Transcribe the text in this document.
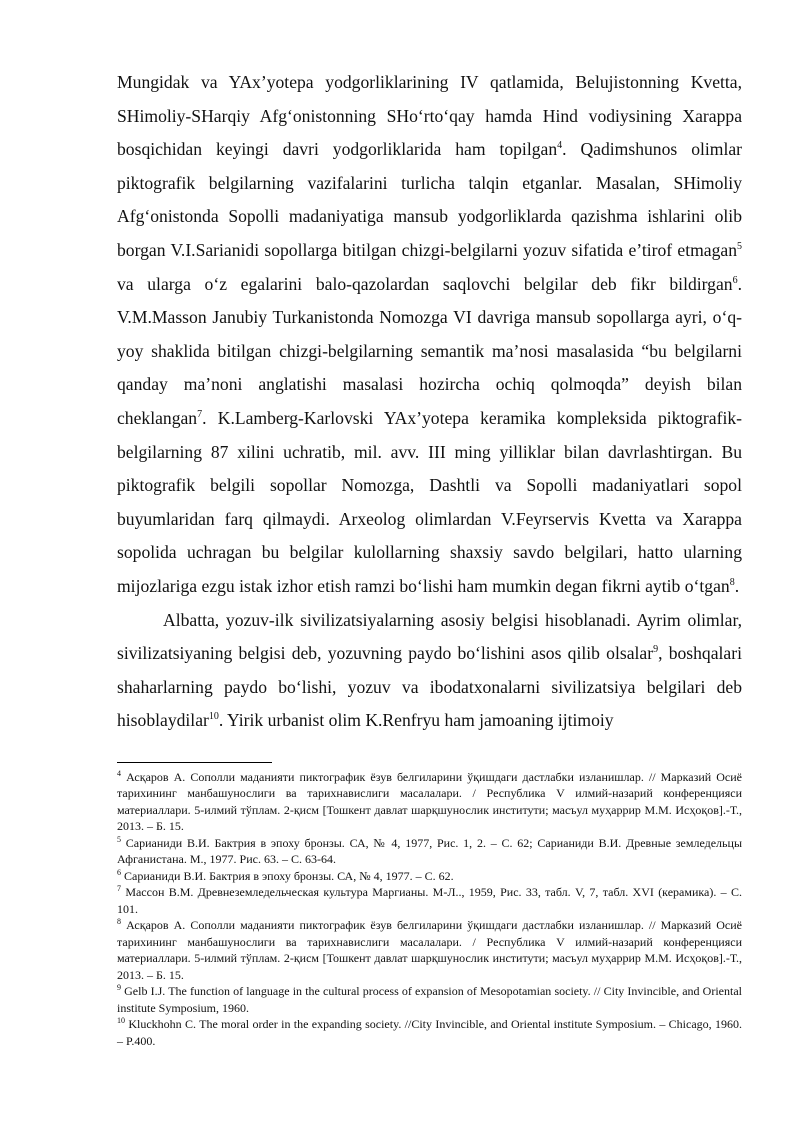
Mungidak va YAx’yotepa yodgorliklarining IV qatlamida, Belujistonning Kvetta, SHimoliy-SHarqiy Afg‘onistonning SHo‘rto‘qay hamda Hind vodiysining Xarappa bosqichidan keyingi davri yodgorliklarida ham topilgan$^4$. Qadimshunos olimlar piktografik belgilarning vazifalarini turlicha talqin etganlar. Masalan, SHimoliy Afg‘onistonda Sopolli madaniyatiga mansub yodgorliklarda qazishma ishlarini olib borgan V.I.Sarianidi sopollarga bitilgan chizgi-belgilarni yozuv sifatida e’tirof etmagan$^5$ va ularga o‘z egalarini balo-qazolardan saqlovchi belgilar deb fikr bildirgan$^6$. V.M.Masson Janubiy Turkanistonda Nomozga VI davriga mansub sopollarga ayri, o‘q-yoy shaklida bitilgan chizgi-belgilarning semantik ma’nosi masalasida “bu belgilarni qanday ma’noni anglatishi masalasi hozircha ochiq qolmoqda” deyish bilan cheklangan$^7$. K.Lamberg-Karlovski YAx’yotepa keramika kompleksida piktografik-belgilarning 87 xilini uchratib, mil. avv. III ming yilliklar bilan davrlashtirgan. Bu piktografik belgili sopollar Nomozga, Dashtli va Sopolli madaniyatlari sopol buyumlaridan farq qilmaydi. Arxeolog olimlardan V.Feyrservis Kvetta va Xarappa sopolida uchragan bu belgilar kulollarning shaxsiy savdo belgilari, hatto ularning mijozlariga ezgu istak izhor etish ramzi bo‘lishi ham mumkin degan fikrni aytib o‘tgan$^8$.

Albatta, yozuv-ilk sivilizatsiyalarning asosiy belgisi hisoblanadi. Ayrim olimlar, sivilizatsiyaning belgisi deb, yozuvning paydo bo‘lishini asos qilib olsalar$^9$, boshqalari shaharlarning paydo bo‘lishi, yozuv va ibodatxonalarni sivilizatsiya belgilari deb hisoblaydilar$^{10}$. Yirik urbanist olim K.Renfryu ham jamoaning ijtimoiy

$^4$ Асқаров А. Сополли маданияти пиктографик ёзув белгиларини ўқишдаги дастлабки изланишлар. // Марказий Осиё тарихининг манбашунослиги ва тарихнавислиги масалалари. / Республика V илмий-назарий конференцияси материаллари. 5-илмий тўплам. 2-қисм [Тошкент давлат шарқшунослик институти; масъул муҳаррир М.М. Исҳоқов].-Т., 2013. – Б. 15.

$^5$ Сарианиди В.И. Бактрия в эпоху бронзы. СА, № 4, 1977, Рис. 1, 2. – С. 62; Сарианиди В.И. Древные земледельцы Афганистана. М., 1977. Рис. 63. – С. 63-64.

$^6$ Сарианиди В.И. Бактрия в эпоху бронзы. СА, № 4, 1977. – С. 62.

$^7$ Массон В.М. Древнеземледельческая культура Маргианы. М-Л.., 1959, Рис. 33, табл. V, 7, табл. XVI (керамика). – С. 101.

$^8$ Асқаров А. Сополли маданияти пиктографик ёзув белгиларини ўқишдаги дастлабки изланишлар. // Марказий Осиё тарихининг манбашунослиги ва тарихнавислиги масалалари. / Республика V илмий-назарий конференцияси материаллари. 5-илмий тўплам. 2-қисм [Тошкент давлат шарқшунослик институти; масъул муҳаррир М.М. Исҳоқов].-Т., 2013. – Б. 15.

$^9$ Gelb I.J. The function of language in the cultural process of expansion of Mesopotamian society. // City Invincible, and Oriental institute Symposium, 1960.

$^{10}$ Kluckhohn C. The moral order in the expanding society. //City Invincible, and Oriental institute Symposium. – Chicago, 1960. – P.400.
